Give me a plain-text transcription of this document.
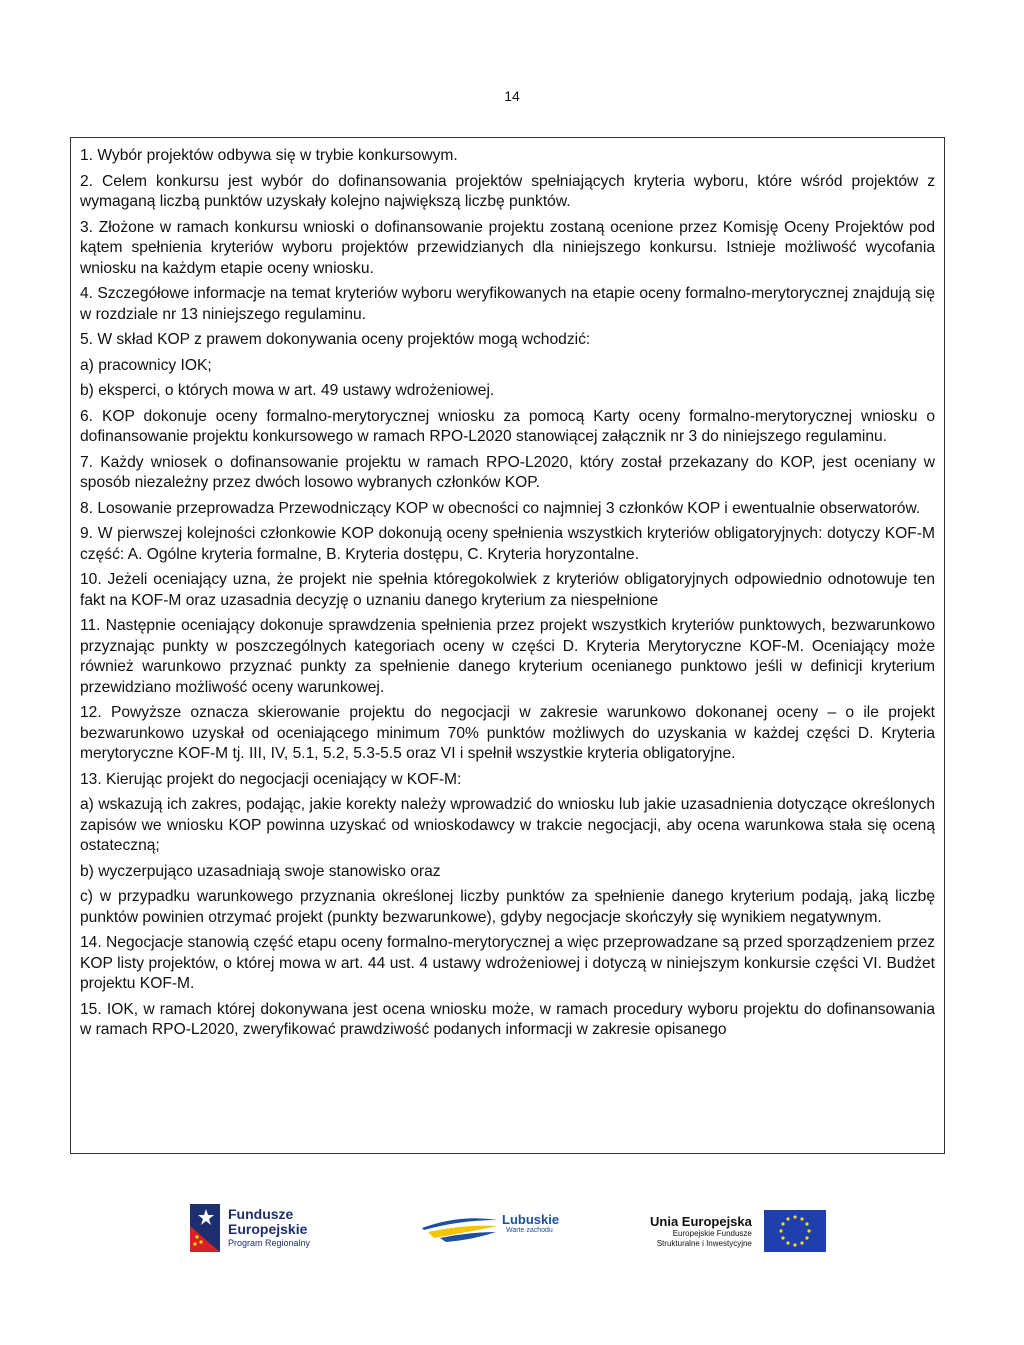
14

1. Wybór projektów odbywa się w trybie konkursowym.

2. Celem konkursu jest wybór do dofinansowania projektów spełniających kryteria wyboru, które wśród projektów z wymaganą liczbą punktów uzyskały kolejno największą liczbę punktów.

3. Złożone w ramach konkursu wnioski o dofinansowanie projektu zostaną ocenione przez Komisję Oceny Projektów pod kątem spełnienia kryteriów wyboru projektów przewidzianych dla niniejszego konkursu. Istnieje możliwość wycofania wniosku na każdym etapie oceny wniosku.

4. Szczegółowe informacje na temat kryteriów wyboru weryfikowanych na etapie oceny formalno-merytorycznej znajdują się w rozdziale nr 13 niniejszego regulaminu.

5. W skład KOP z prawem dokonywania oceny projektów mogą wchodzić:

a) pracownicy IOK;

b) eksperci, o których mowa w art. 49 ustawy wdrożeniowej.

6. KOP dokonuje oceny formalno-merytorycznej wniosku za pomocą Karty oceny formalno-merytorycznej wniosku o dofinansowanie projektu konkursowego w ramach RPO-L2020 stanowiącej załącznik nr 3 do niniejszego regulaminu.

7. Każdy wniosek o dofinansowanie projektu w ramach RPO-L2020, który został przekazany do KOP, jest oceniany w sposób niezależny przez dwóch losowo wybranych członków KOP.

8. Losowanie przeprowadza Przewodniczący KOP w obecności co najmniej 3 członków KOP i ewentualnie obserwatorów.

9. W pierwszej kolejności członkowie KOP dokonują oceny spełnienia wszystkich kryteriów obligatoryjnych: dotyczy KOF-M część: A. Ogólne kryteria formalne, B. Kryteria dostępu, C. Kryteria horyzontalne.

10. Jeżeli oceniający uzna, że projekt nie spełnia któregokolwiek z kryteriów obligatoryjnych odpowiednio odnotowuje ten fakt na KOF-M oraz uzasadnia decyzję o uznaniu danego kryterium za niespełnione

11. Następnie oceniający dokonuje sprawdzenia spełnienia przez projekt wszystkich kryteriów punktowych, bezwarunkowo przyznając punkty w poszczególnych kategoriach oceny w części D. Kryteria Merytoryczne KOF-M. Oceniający może również warunkowo przyznać punkty za spełnienie danego kryterium ocenianego punktowo jeśli w definicji kryterium przewidziano możliwość oceny warunkowej.

12. Powyższe oznacza skierowanie projektu do negocjacji w zakresie warunkowo dokonanej oceny – o ile projekt bezwarunkowo uzyskał od oceniającego minimum 70% punktów możliwych do uzyskania w każdej części D. Kryteria merytoryczne KOF-M tj. III, IV, 5.1, 5.2, 5.3-5.5 oraz VI i spełnił wszystkie kryteria obligatoryjne.

13. Kierując projekt do negocjacji oceniający w KOF-M:

a) wskazują ich zakres, podając, jakie korekty należy wprowadzić do wniosku lub jakie uzasadnienia dotyczące określonych zapisów we wniosku KOP powinna uzyskać od wnioskodawcy w trakcie negocjacji, aby ocena warunkowa stała się oceną ostateczną;

b) wyczerpująco uzasadniają swoje stanowisko oraz

c) w przypadku warunkowego przyznania określonej liczby punktów za spełnienie danego kryterium podają, jaką liczbę punktów powinien otrzymać projekt (punkty bezwarunkowe), gdyby negocjacje skończyły się wynikiem negatywnym.

14. Negocjacje stanowią część etapu oceny formalno-merytorycznej a więc przeprowadzane są przed sporządzeniem przez KOP listy projektów, o której mowa w art. 44 ust. 4 ustawy wdrożeniowej i dotyczą w niniejszym konkursie części VI. Budżet projektu KOF-M.

15. IOK, w ramach której dokonywana jest ocena wniosku może, w ramach procedury wyboru projektu do dofinansowania w ramach RPO-L2020, zweryfikować prawdziwość podanych informacji w zakresie opisanego

Fundusze
Europejskie
Program Regionalny
Lubuskie
Warte zachodu
Unia Europejska
Europejskie Fundusze
Strukturalne i Inwestycyjne
